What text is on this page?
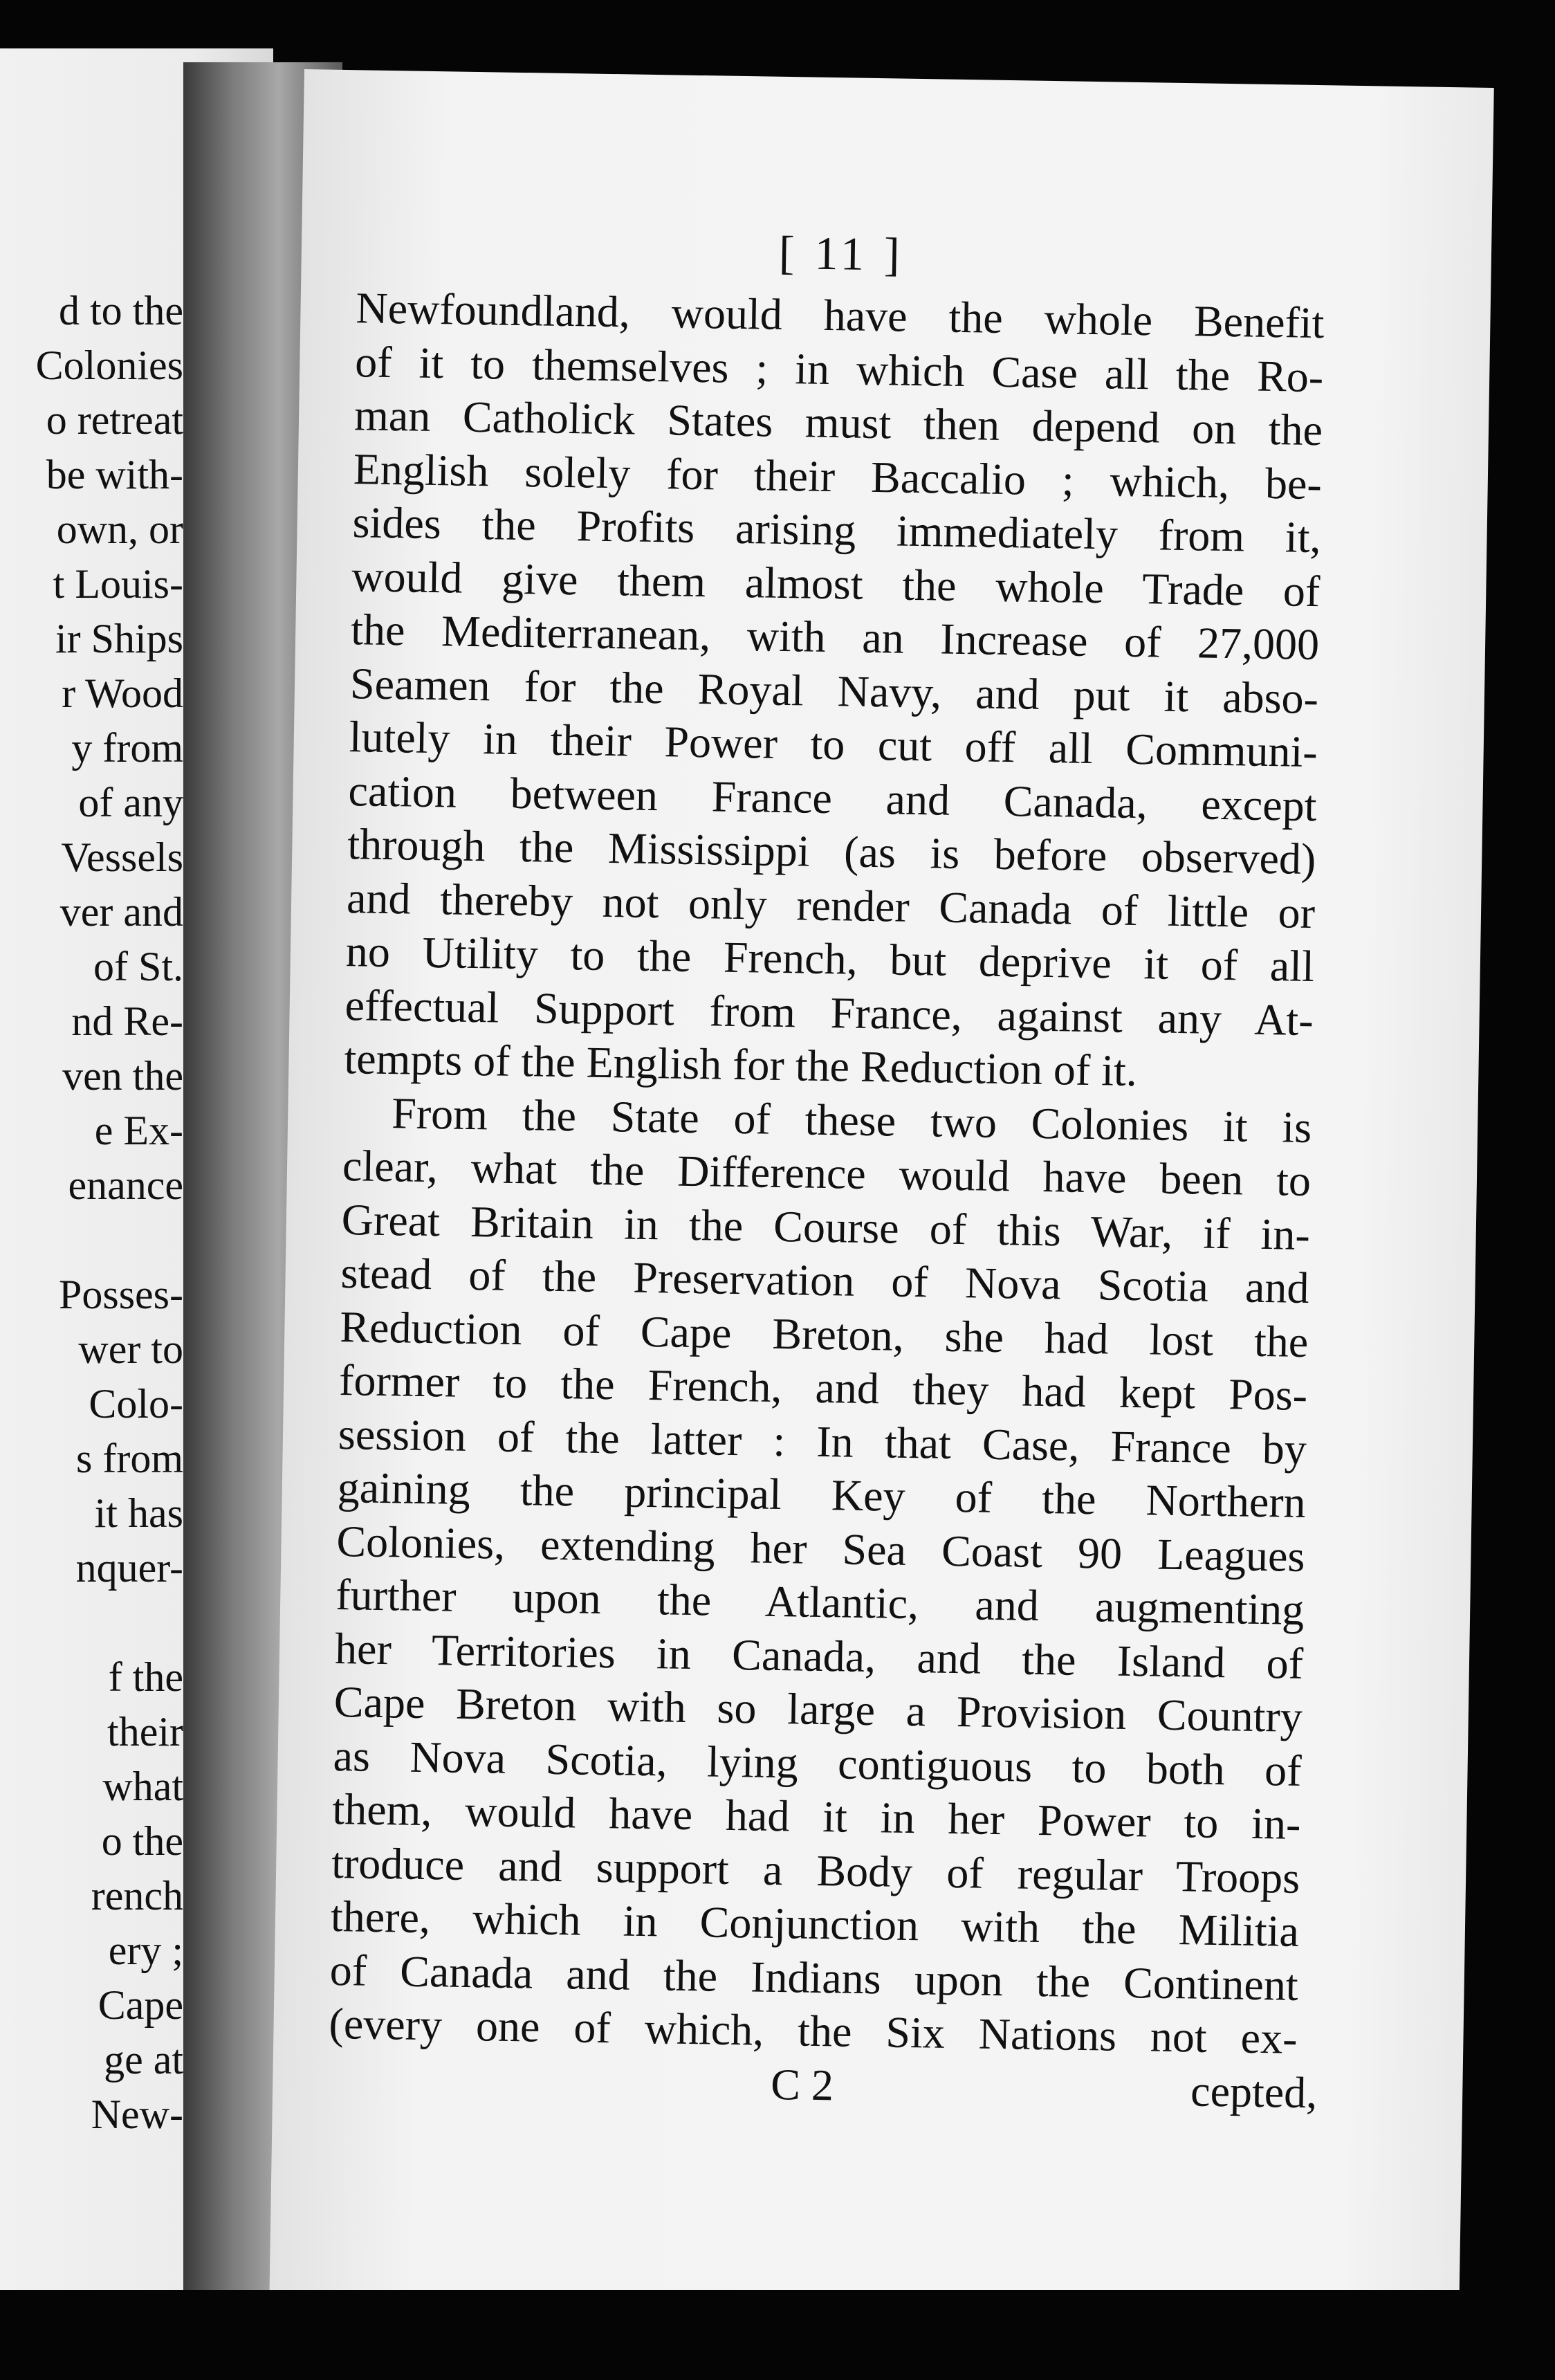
d to the
Colonies
o retreat
be with-
own, or
t Louis-
ir Ships
r Wood
y from
of any
Vessels
ver and
of St.
nd Re-
ven the
e Ex-
enance
Posses-
wer to
Colo-
s from
it has
nquer-
f the
their
what
o the
rench
ery ;
Cape
ge at
New-
[ 11 ]
Newfoundland, would have the whole Benefit
of it to themselves ; in which Case all the Ro-
man Catholick States must then depend on the
English solely for their Baccalio ; which, be-
sides the Profits arising immediately from it,
would give them almost the whole Trade of
the Mediterranean, with an Increase of 27,000
Seamen for the Royal Navy, and put it abso-
lutely in their Power to cut off all Communi-
cation between France and Canada, except
through the Mississippi (as is before observed)
and thereby not only render Canada of little or
no Utility to the French, but deprive it of all
effectual Support from France, against any At-
tempts of the English for the Reduction of it.
From the State of these two Colonies it is
clear, what the Difference would have been to
Great Britain in the Course of this War, if in-
stead of the Preservation of Nova Scotia and
Reduction of Cape Breton, she had lost the
former to the French, and they had kept Pos-
session of the latter : In that Case, France by
gaining the principal Key of the Northern
Colonies, extending her Sea Coast 90 Leagues
further upon the Atlantic, and augmenting
her Territories in Canada, and the Island of
Cape Breton with so large a Provision Country
as Nova Scotia, lying contiguous to both of
them, would have had it in her Power to in-
troduce and support a Body of regular Troops
there, which in Conjunction with the Militia
of Canada and the Indians upon the Continent
(every one of which, the Six Nations not ex-
C 2	cepted,
